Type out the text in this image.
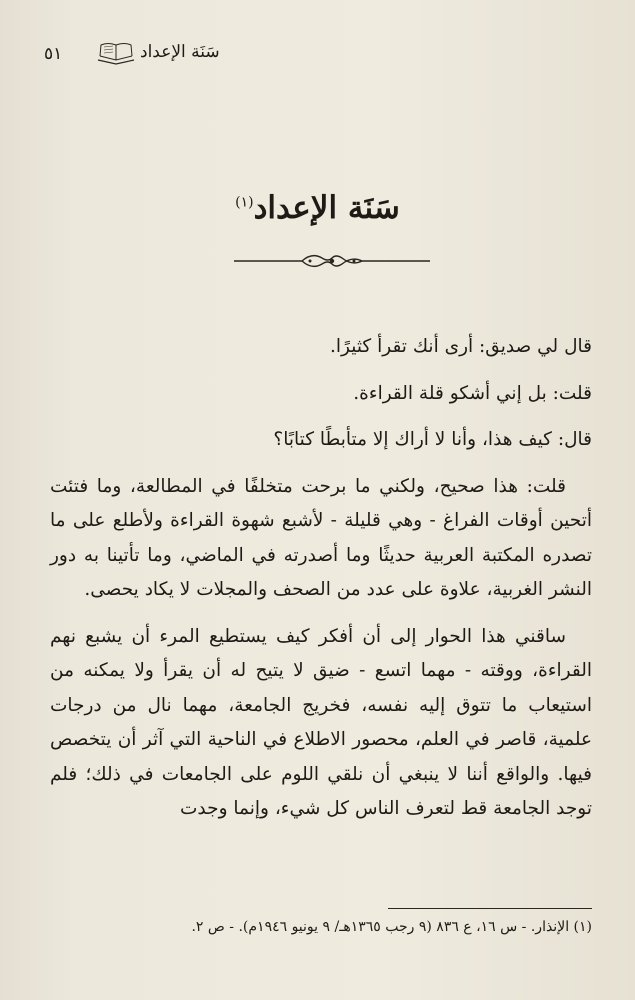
٥١	سَنَة الإعداد
سَنَة الإعداد$^{(١)}$

قال لي صديق: أرى أنك تقرأ كثيرًا.

قلت: بل إني أشكو قلة القراءة.

قال: كيف هذا، وأنا لا أراك إلا متأبطًا كتابًا؟

قلت: هذا صحيح، ولكني ما برحت متخلفًا في المطالعة، وما فتئت أتحين أوقات الفراغ - وهي قليلة - لأشبع شهوة القراءة ولأطلع على ما تصدره المكتبة العربية حديثًا وما أصدرته في الماضي، وما تأتينا به دور النشر الغربية، علاوة على عدد من الصحف والمجلات لا يكاد يحصى.

ساقني هذا الحوار إلى أن أفكر كيف يستطيع المرء أن يشبع نهم القراءة، ووقته - مهما اتسع - ضيق لا يتيح له أن يقرأ ولا يمكنه من استيعاب ما تتوق إليه نفسه، فخريج الجامعة، مهما نال من درجات علمية، قاصر في العلم، محصور الاطلاع في الناحية التي آثر أن يتخصص فيها. والواقع أننا لا ينبغي أن نلقي اللوم على الجامعات في ذلك؛ فلم توجد الجامعة قط لتعرف الناس كل شيء، وإنما وجدت

(١) الإنذار. - س ١٦، ع ٨٣٦ (٩ رجب ١٣٦٥هـ/ ٩ يونيو ١٩٤٦م). - ص ٢.
